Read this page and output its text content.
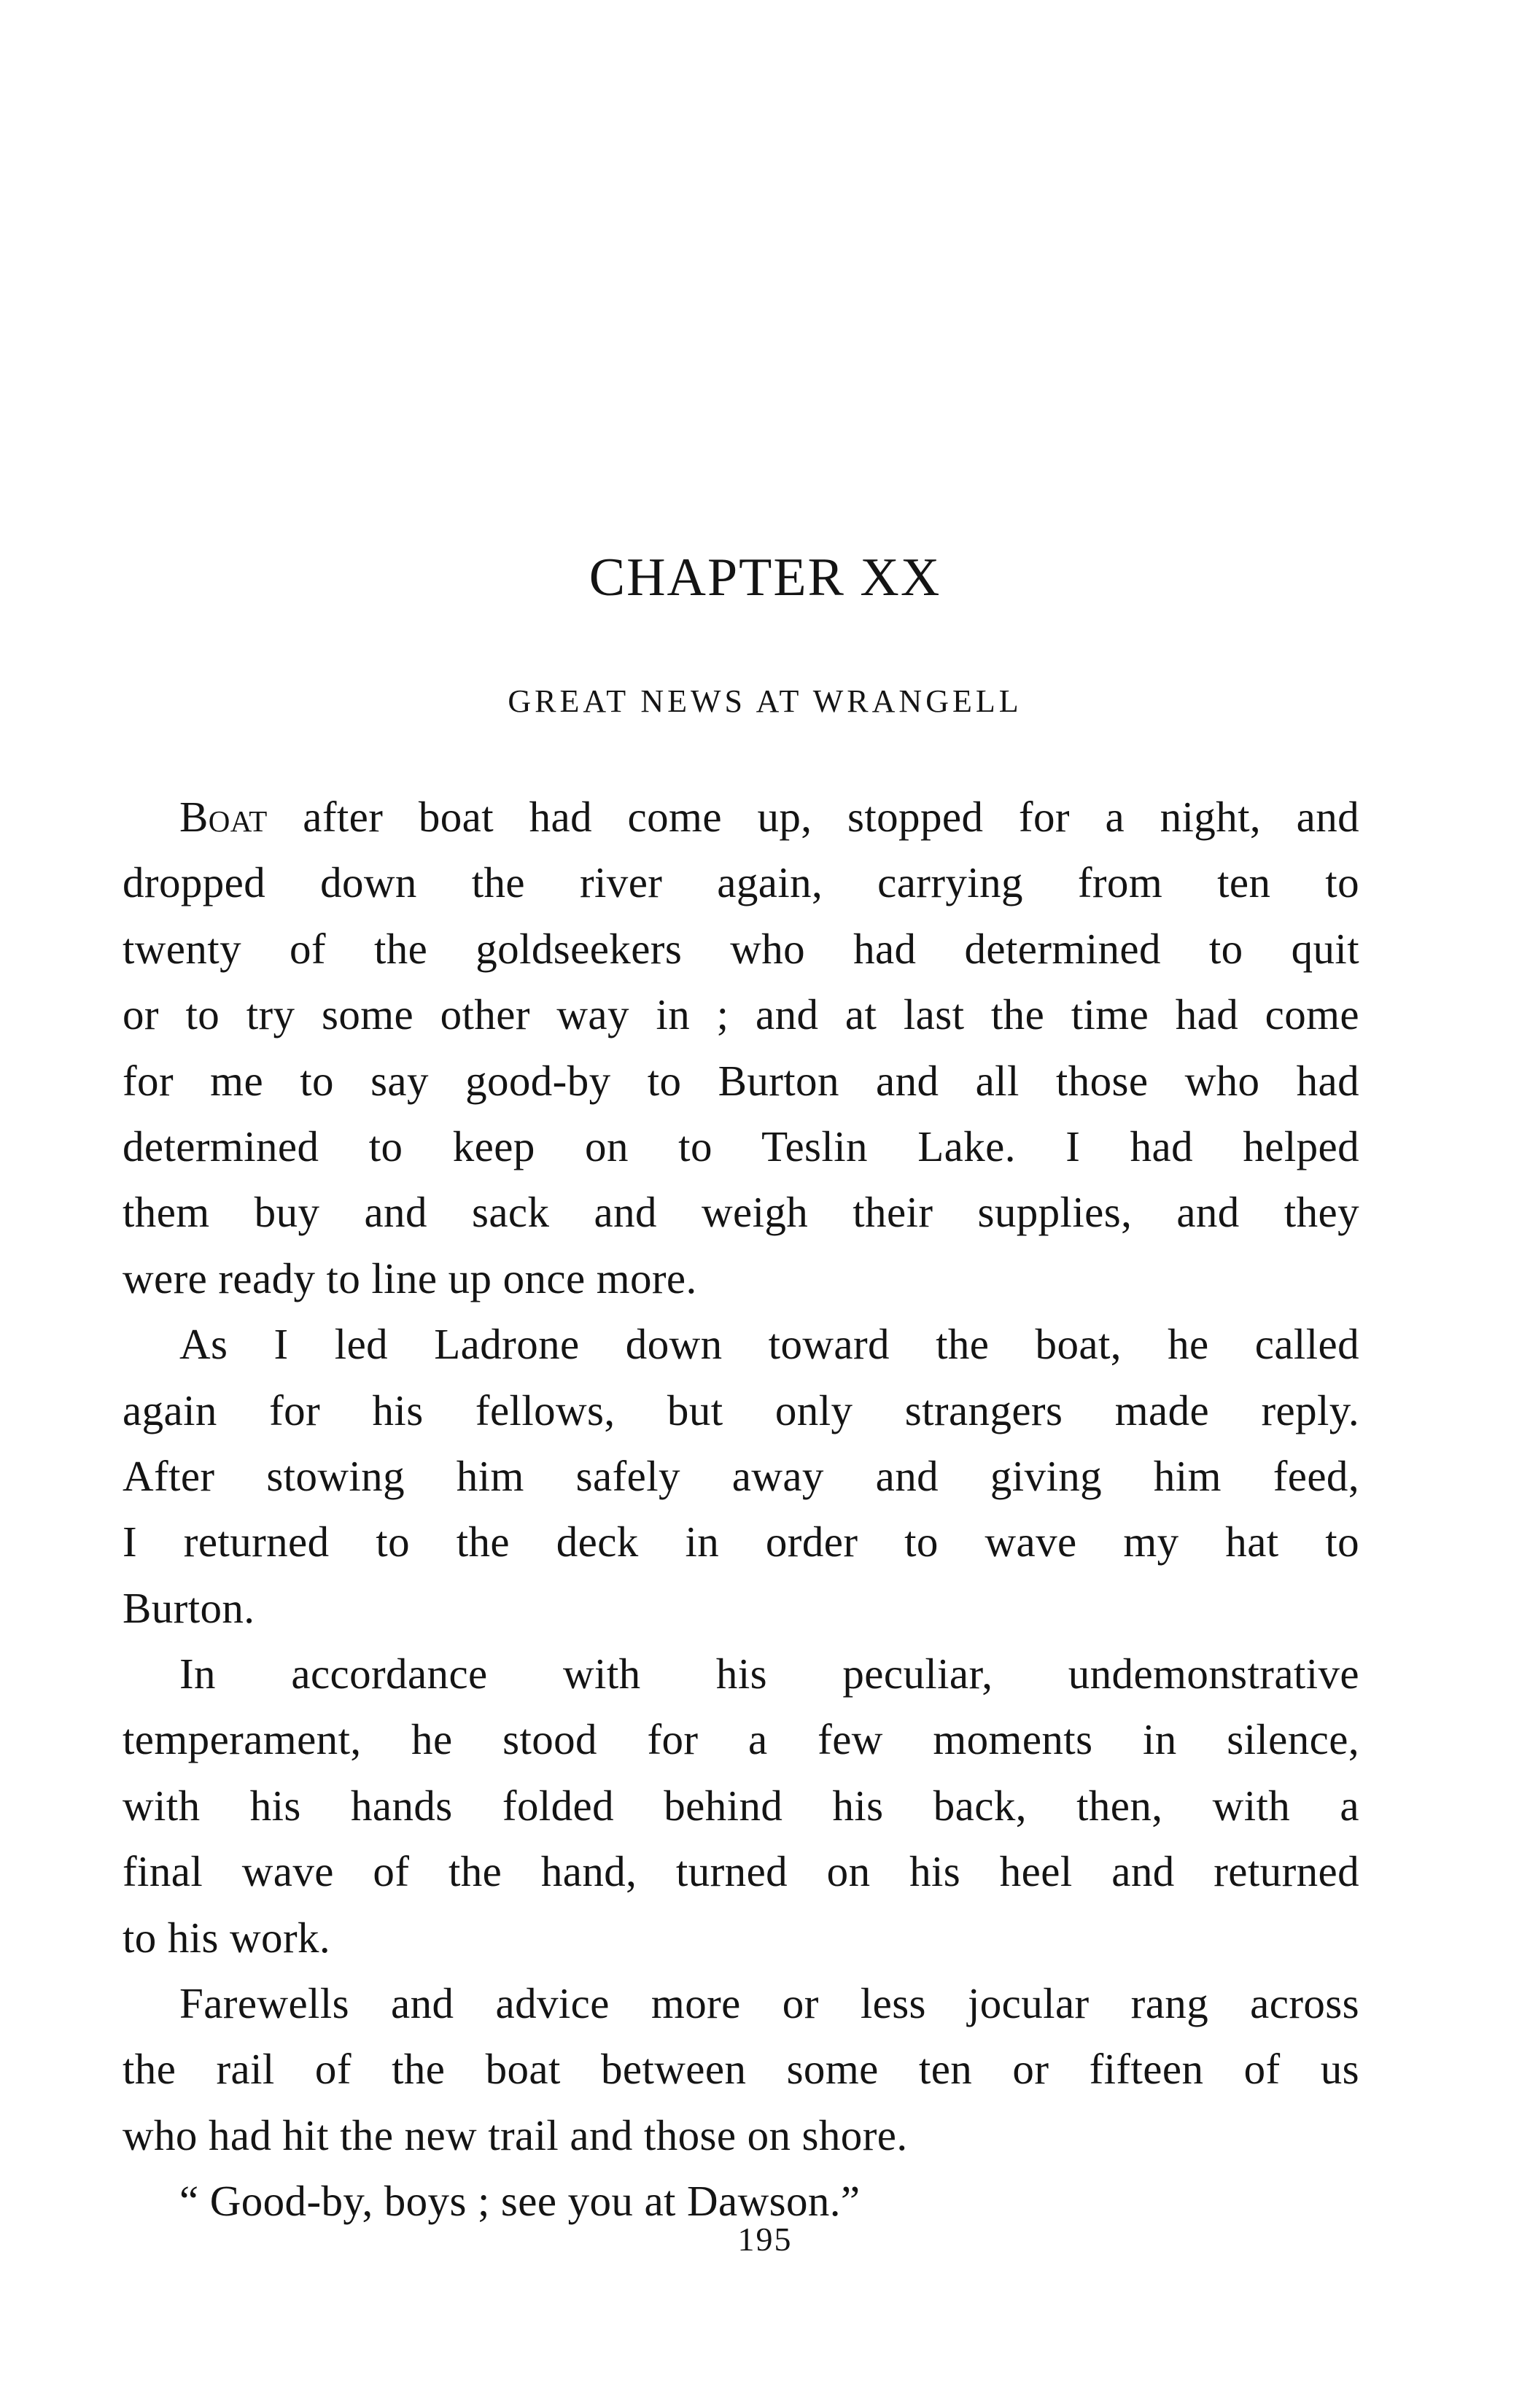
CHAPTER XX
GREAT NEWS AT WRANGELL
Boat after boat had come up, stopped for a night, and
dropped down the river again, carrying from ten to
twenty of the goldseekers who had determined to quit
or to try some other way in ; and at last the time had come
for me to say good-by to Burton and all those who had
determined to keep on to Teslin Lake. I had helped
them buy and sack and weigh their supplies, and they
were ready to line up once more.
As I led Ladrone down toward the boat, he called
again for his fellows, but only strangers made reply.
After stowing him safely away and giving him feed,
I returned to the deck in order to wave my hat to
Burton.
In accordance with his peculiar, undemonstrative
temperament, he stood for a few moments in silence,
with his hands folded behind his back, then, with a
final wave of the hand, turned on his heel and returned
to his work.
Farewells and advice more or less jocular rang across
the rail of the boat between some ten or fifteen of us
who had hit the new trail and those on shore.
“ Good-by, boys ; see you at Dawson.”
195
